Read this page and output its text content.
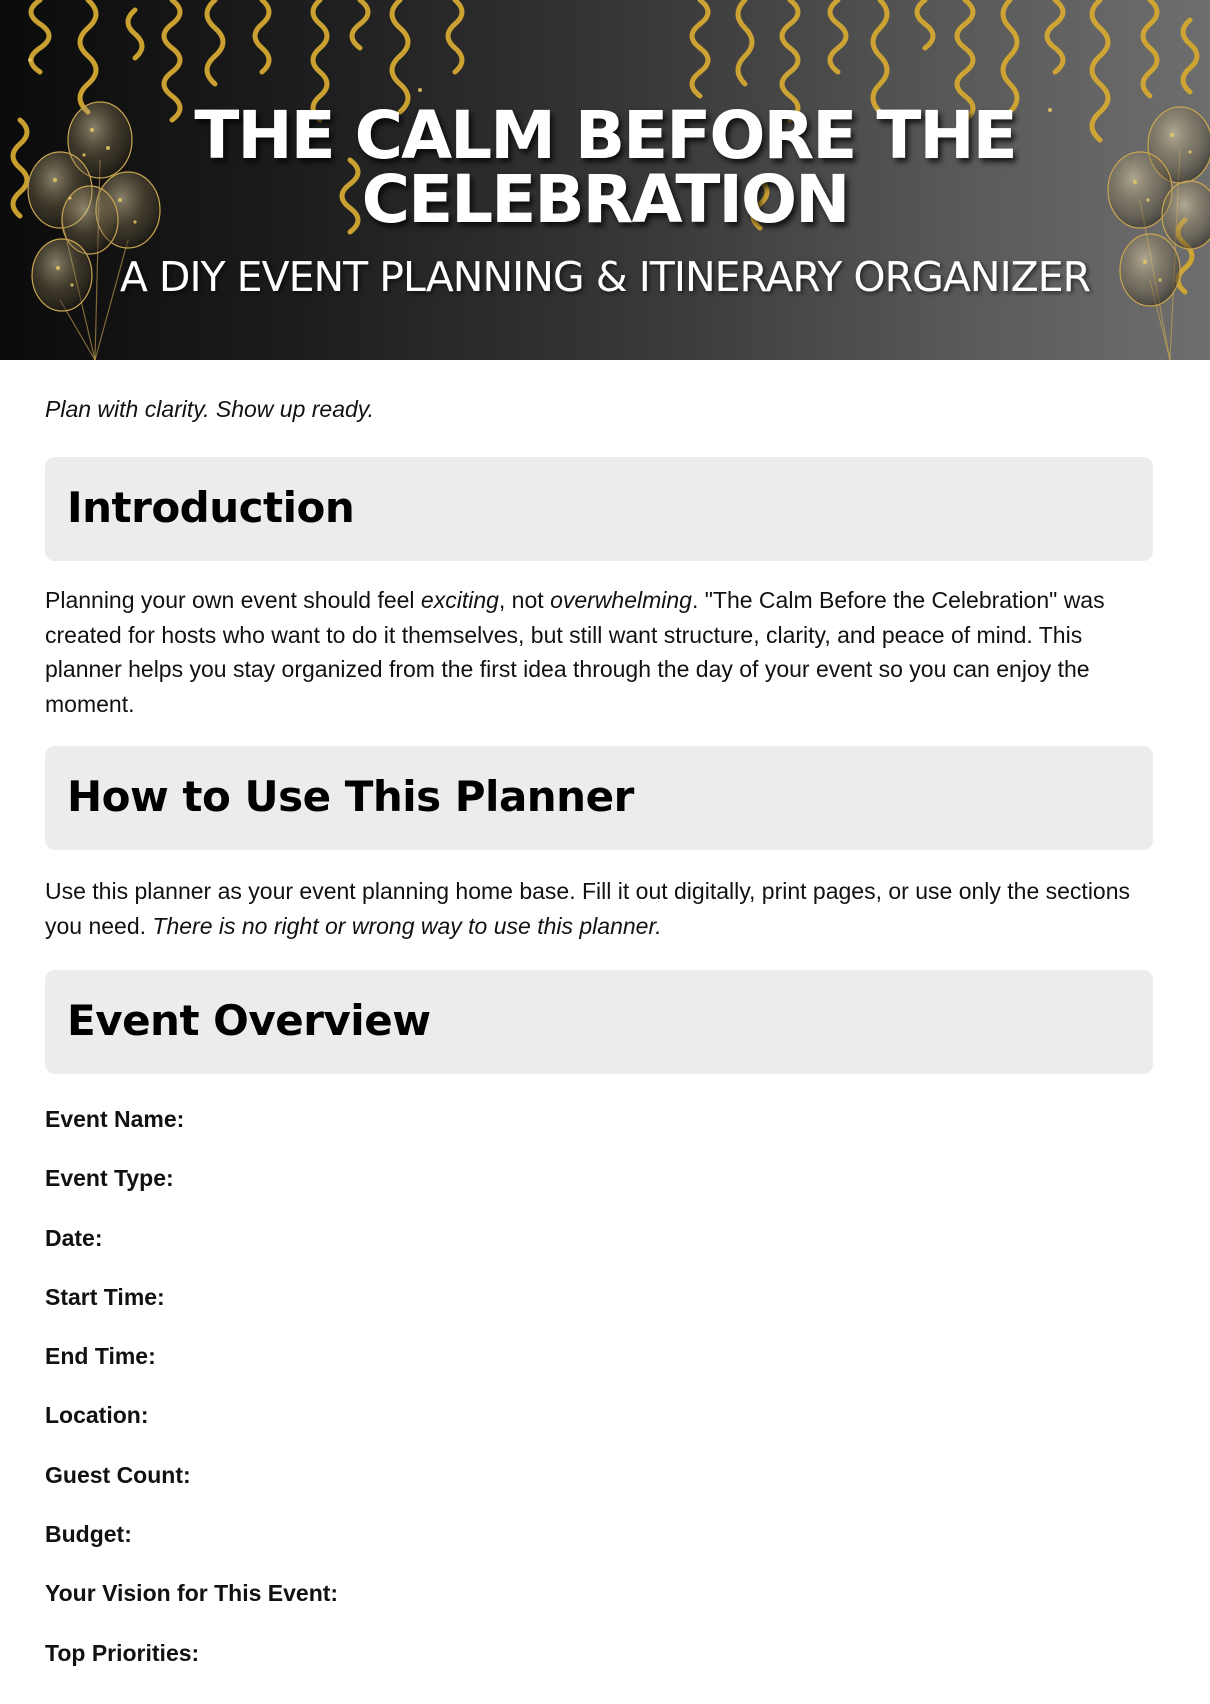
THE CALM BEFORE THE
CELEBRATION

A DIY EVENT PLANNING & ITINERARY ORGANIZER

Plan with clarity. Show up ready.

Introduction

Planning your own event should feel exciting, not overwhelming. "The Calm Before the Celebration" was created for hosts who want to do it themselves, but still want structure, clarity, and peace of mind. This planner helps you stay organized from the first idea through the day of your event so you can enjoy the moment.

How to Use This Planner

Use this planner as your event planning home base. Fill it out digitally, print pages, or use only the sections you need. There is no right or wrong way to use this planner.

Event Overview
Event Name:
Event Type:
Date:
Start Time:
End Time:
Location:
Guest Count:
Budget:
Your Vision for This Event:
Top Priorities:
